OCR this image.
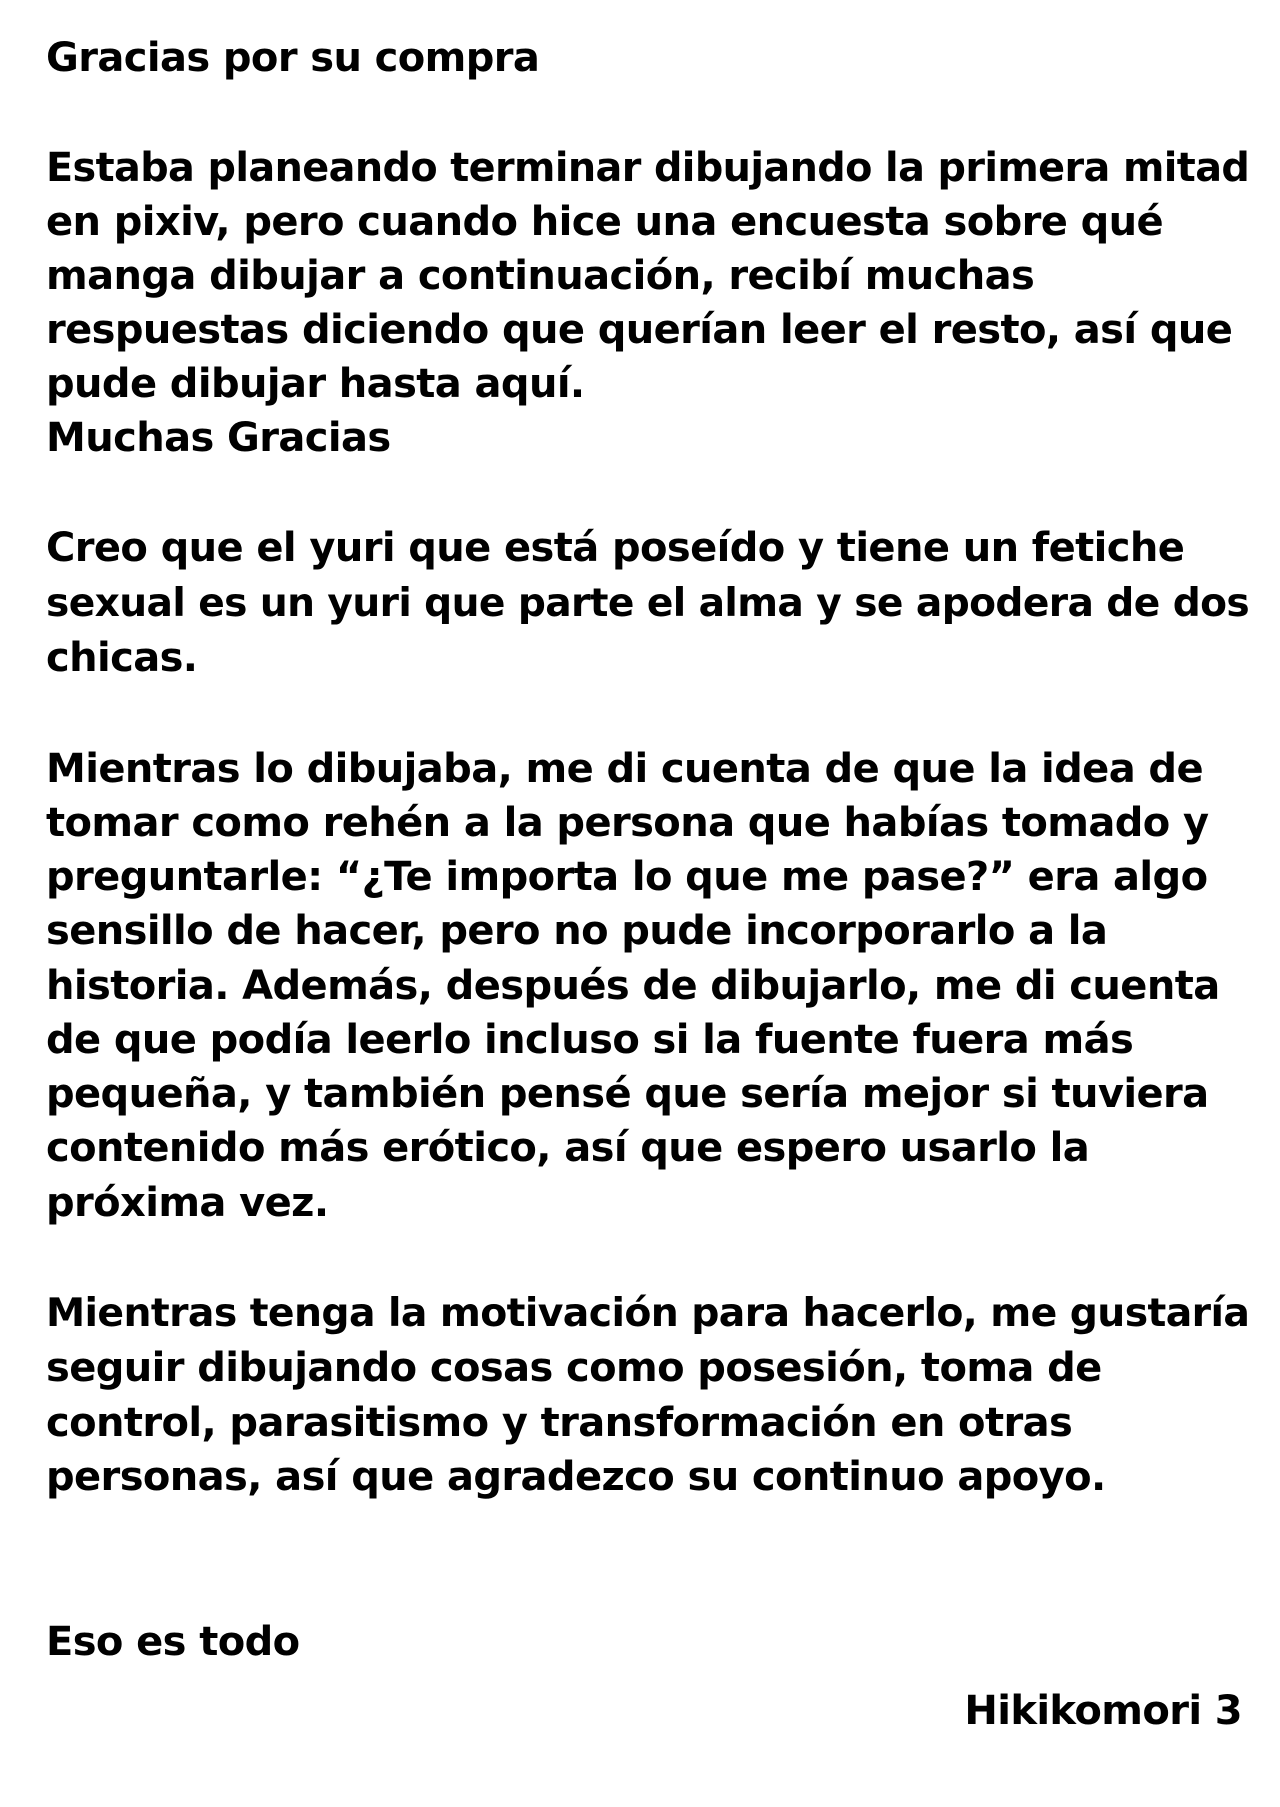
Gracias por su compra
Estaba planeando terminar dibujando la primera mitad
en pixiv, pero cuando hice una encuesta sobre qué
manga dibujar a continuación, recibí muchas
respuestas diciendo que querían leer el resto, así que
pude dibujar hasta aquí.
Muchas Gracias
Creo que el yuri que está poseído y tiene un fetiche
sexual es un yuri que parte el alma y se apodera de dos
chicas.
Mientras lo dibujaba, me di cuenta de que la idea de
tomar como rehén a la persona que habías tomado y
preguntarle: “¿Te importa lo que me pase?” era algo
sensillo de hacer, pero no pude incorporarlo a la
historia. Además, después de dibujarlo, me di cuenta
de que podía leerlo incluso si la fuente fuera más
pequeña, y también pensé que sería mejor si tuviera
contenido más erótico, así que espero usarlo la
próxima vez.
Mientras tenga la motivación para hacerlo, me gustaría
seguir dibujando cosas como posesión, toma de
control, parasitismo y transformación en otras
personas, así que agradezco su continuo apoyo.
Eso es todo
Hikikomori 3
